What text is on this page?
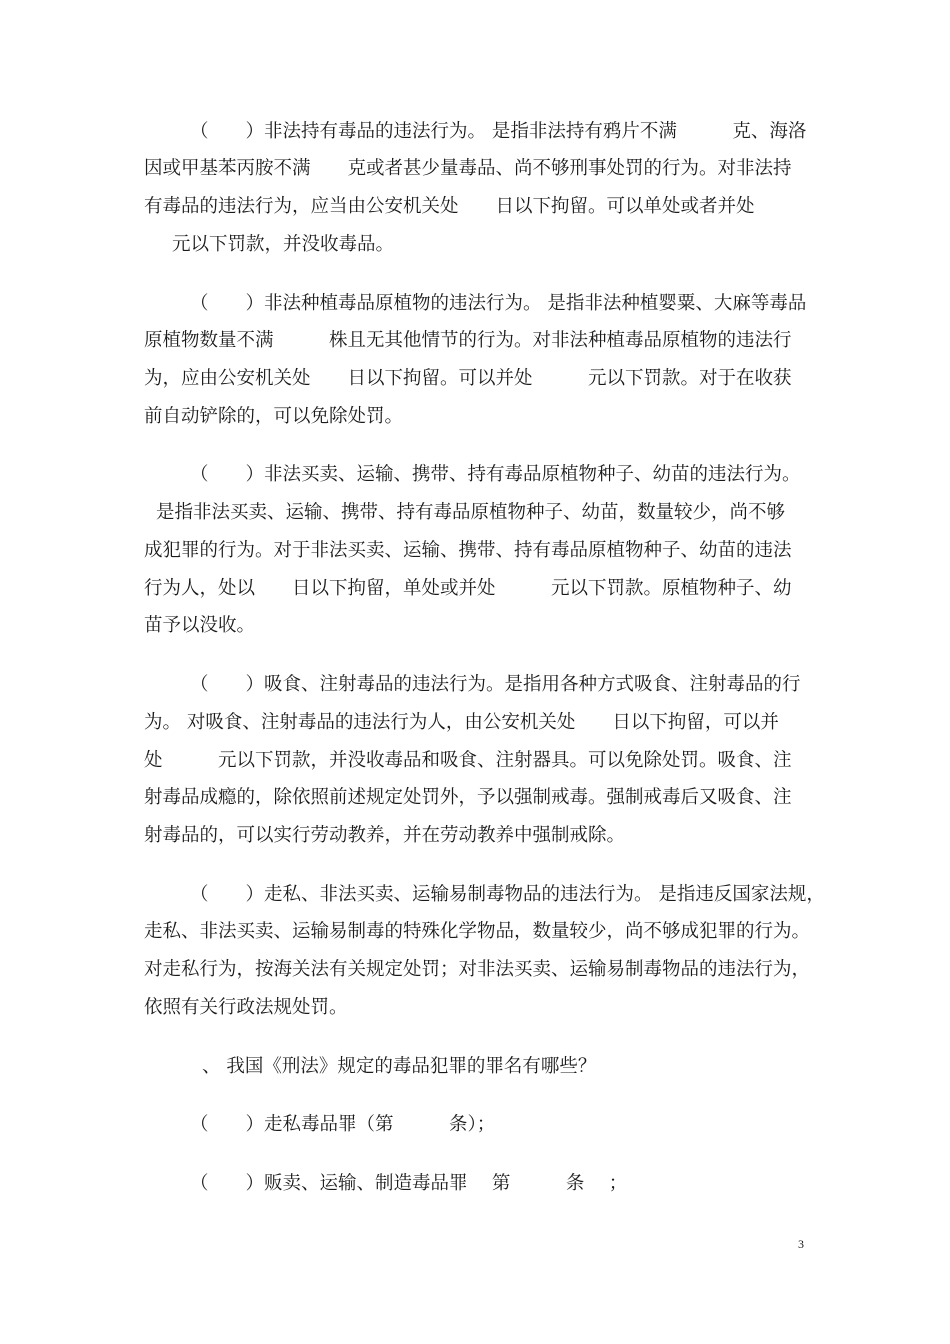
（　　）非法持有毒品的违法行为。 是指非法持有鸦片不满　　　克、海洛
因或甲基苯丙胺不满　　克或者甚少量毒品、尚不够刑事处罚的行为。对非法持
有毒品的违法行为，应当由公安机关处　　日以下拘留。可以单处或者并处
元以下罚款，并没收毒品。
（　　）非法种植毒品原植物的违法行为。 是指非法种植婴粟、大麻等毒品
原植物数量不满　　　株且无其他情节的行为。对非法种植毒品原植物的违法行
为，应由公安机关处　　日以下拘留。可以并处　　　元以下罚款。对于在收获
前自动铲除的，可以免除处罚。
（　　）非法买卖、运输、携带、持有毒品原植物种子、幼苗的违法行为。
是指非法买卖、运输、携带、持有毒品原植物种子、幼苗，数量较少，尚不够
成犯罪的行为。对于非法买卖、运输、携带、持有毒品原植物种子、幼苗的违法
行为人，处以　　日以下拘留，单处或并处　　　元以下罚款。原植物种子、幼
苗予以没收。
（　　）吸食、注射毒品的违法行为。是指用各种方式吸食、注射毒品的行
为。 对吸食、注射毒品的违法行为人，由公安机关处　　日以下拘留，可以并
处　　　元以下罚款，并没收毒品和吸食、注射器具。可以免除处罚。吸食、注
射毒品成瘾的，除依照前述规定处罚外，予以强制戒毒。强制戒毒后又吸食、注
射毒品的，可以实行劳动教养，并在劳动教养中强制戒除。
（　　）走私、非法买卖、运输易制毒物品的违法行为。 是指违反国家法规，
走私、非法买卖、运输易制毒的特殊化学物品，数量较少，尚不够成犯罪的行为。
对走私行为，按海关法有关规定处罚；对非法买卖、运输易制毒物品的违法行为，
依照有关行政法规处罚。
、 我国《刑法》规定的毒品犯罪的罪名有哪些？
（　　）走私毒品罪（第　　　条）；
（　　）贩卖、运输、制造毒品罪　 第　　　条　 ；
3
